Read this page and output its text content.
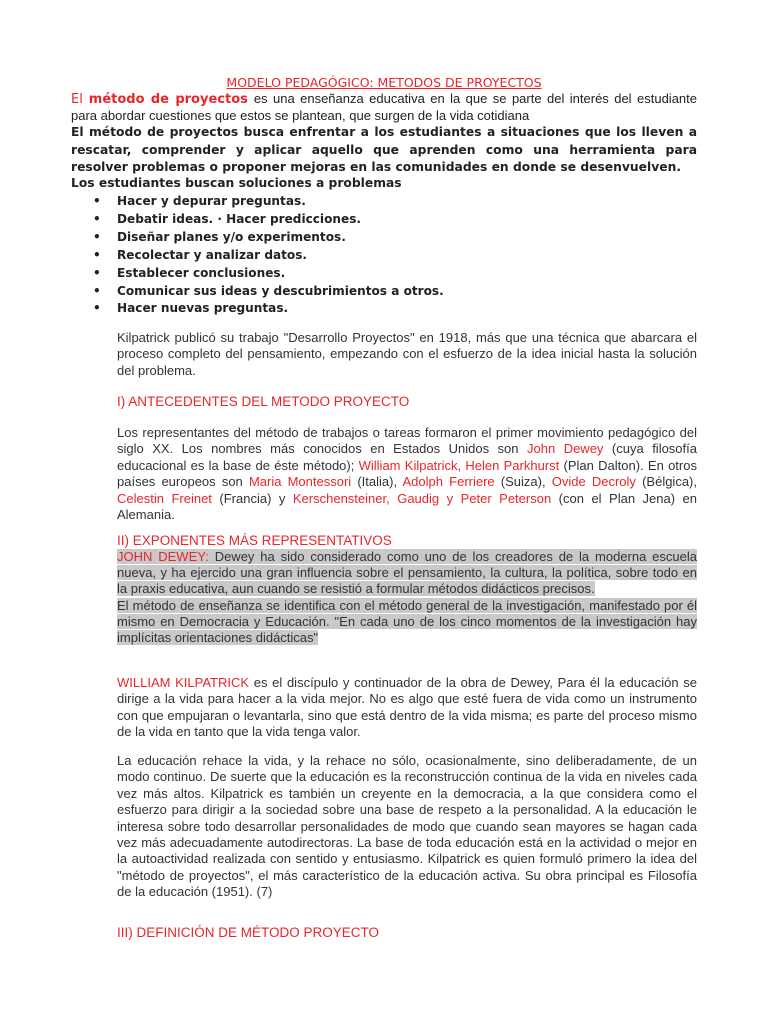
MODELO PEDAGÓGICO: METODOS DE PROYECTOS
El método de proyectos es una enseñanza educativa en la que se parte del interés del estudiante para abordar cuestiones que estos se plantean, que surgen de la vida cotidiana
El método de proyectos busca enfrentar a los estudiantes a situaciones que los lleven a rescatar, comprender y aplicar aquello que aprenden como una herramienta para resolver problemas o proponer mejoras en las comunidades en donde se desenvuelven.
Los estudiantes buscan soluciones a problemas
• Hacer y depurar preguntas.
• Debatir ideas. · Hacer predicciones.
• Diseñar planes y/o experimentos.
• Recolectar y analizar datos.
• Establecer conclusiones.
• Comunicar sus ideas y descubrimientos a otros.
• Hacer nuevas preguntas.
Kilpatrick publicó su trabajo "Desarrollo Proyectos" en 1918, más que una técnica que abarcara el proceso completo del pensamiento, empezando con el esfuerzo de la idea inicial hasta la solución del problema.
I) ANTECEDENTES DEL METODO PROYECTO
Los representantes del método de trabajos o tareas formaron el primer movimiento pedagógico del siglo XX. Los nombres más conocidos en Estados Unidos son John Dewey (cuya filosofía educacional es la base de éste método); William Kilpatrick, Helen Parkhurst (Plan Dalton). En otros países europeos son Maria Montessori (Italia), Adolph Ferriere (Suiza), Ovide Decroly (Bélgica), Celestin Freinet (Francia) y Kerschensteiner, Gaudig y Peter Peterson (con el Plan Jena) en Alemania.
II) EXPONENTES MÁS REPRESENTATIVOS
JOHN DEWEY: Dewey ha sido considerado como uno de los creadores de la moderna escuela nueva, y ha ejercido una gran influencia sobre el pensamiento, la cultura, la política, sobre todo en la praxis educativa, aun cuando se resistió a formular métodos didácticos precisos.
El método de enseñanza se identifica con el método general de la investigación, manifestado por él mismo en Democracia y Educación. "En cada uno de los cinco momentos de la investigación hay implícitas orientaciones didácticas"
WILLIAM KILPATRICK es el discípulo y continuador de la obra de Dewey, Para él la educación se dirige a la vida para hacer a la vida mejor. No es algo que esté fuera de vida como un instrumento con que empujaran o levantarla, sino que está dentro de la vida misma; es parte del proceso mismo de la vida en tanto que la vida tenga valor.
La educación rehace la vida, y la rehace no sólo, ocasionalmente, sino deliberadamente, de un modo continuo. De suerte que la educación es la reconstrucción continua de la vida en niveles cada vez más altos. Kilpatrick es también un creyente en la democracia, a la que considera como el esfuerzo para dirigir a la sociedad sobre una base de respeto a la personalidad. A la educación le interesa sobre todo desarrollar personalidades de modo que cuando sean mayores se hagan cada vez más adecuadamente autodirectoras. La base de toda educación está en la actividad o mejor en la autoactividad realizada con sentido y entusiasmo. Kilpatrick es quien formuló primero la idea del "método de proyectos", el más característico de la educación activa. Su obra principal es Filosofía de la educación (1951). (7)
III) DEFINICIÓN DE MÉTODO PROYECTO
